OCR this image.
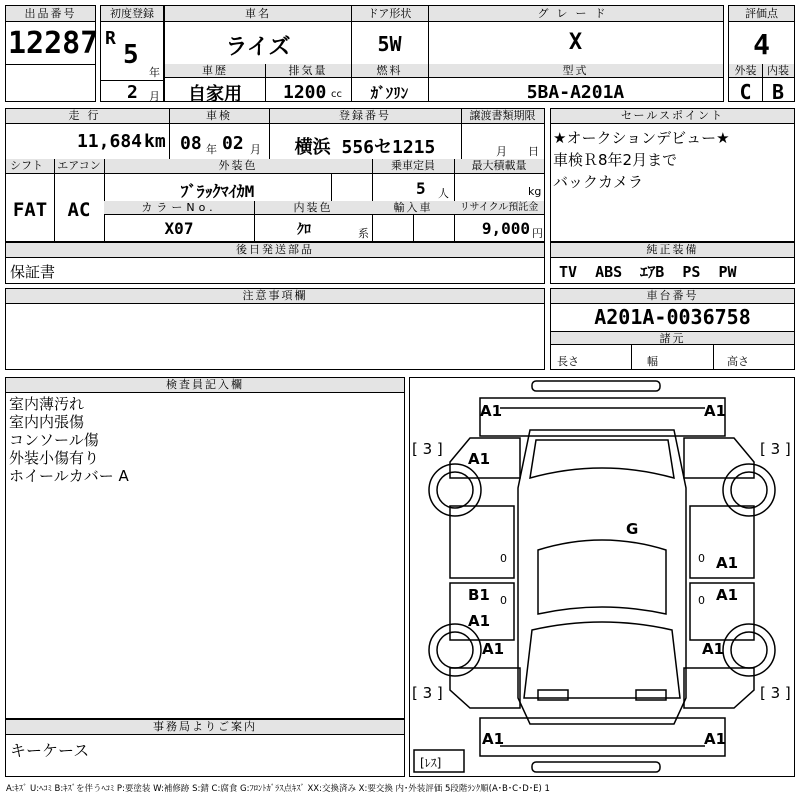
出品番号
12287
初度登録
R
5
年
2 月
車名	ドア形状	グレード
ライズ	5W	X
車歴	排気量	燃料	型式
自家用	1200 cc	ｶﾞｿﾘﾝ	5BA-A201A
評価点
4
外装 内装
C	B
走行	車検	登録番号	譲渡書類期限
11,684 km 08 年 02 月	横浜 556セ1215	月 日
シフト	エアコン	外装色	乗車定員	最大積載量
FAT	AC
ﾌﾞﾗｯｸﾏｲｶM	5 人	kg
カラーNo.	内装色	輸入車	リサイクル預託金
X07	ｸﾛ	系	9,000 円
後日発送部品
保証書
セールスポイント
★オークションデビュー★
車検Ｒ8年2月まで
バックカメラ
純正装備
TV  ABS  ｴｱB  PS  PW
注意事項欄	車台番号
A201A-0036758
諸元
長さ	幅	高さ
検査員記入欄
室内薄汚れ
室内内張傷
コンソール傷
外装小傷有り
ホイールカバー A
事務局よりご案内
キーケース
A1	A1
A1
G
A1
B1	A1
A1
A1	A1
A1	A1
[ 3 ]	[ 3 ]
[ 3 ]	[ 3 ]
[ﾚｽ]
0	0
0	0
A:ｷｽﾞ U:ﾍｺﾐ B:ｷｽﾞを伴うﾍｺﾐ P:要塗装 W:補修跡 S:錆 C:腐食 G:ﾌﾛﾝﾄｶﾞﾗｽ点ｷｽﾞ XX:交換済み X:要交換 内･外装評価 5段階ﾗﾝｸ順(A･B･C･D･E) 1
